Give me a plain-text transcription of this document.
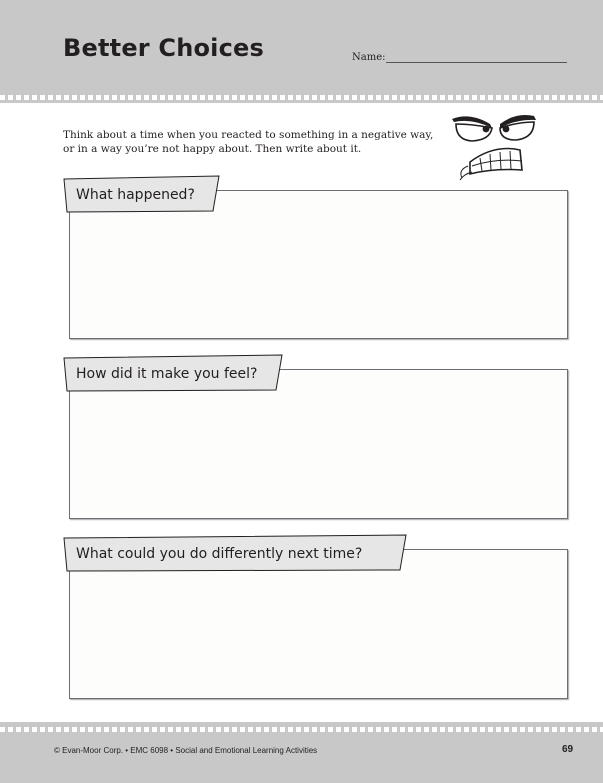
Better Choices	Name:

Think about a time when you reacted to something in a negative way, or in a way you’re not happy about. Then write about it.

What happened?
How did it make you feel?
What could you do differently next time?
© Evan-Moor Corp. • EMC 6098 • Social and Emotional Learning Activities	69
